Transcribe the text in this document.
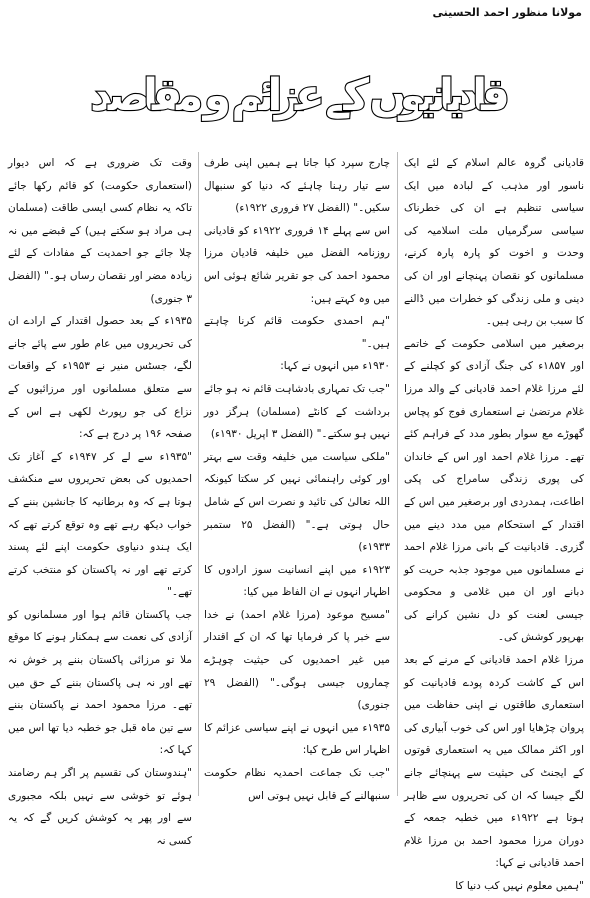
مولانا منظور احمد الحسینی
قادیانیوں کے عزائم و مقاصد

قادیانی گروہ عالم اسلام کے لئے ایک ناسور اور مذہب کے لبادہ میں ایک سیاسی تنظیم ہے ان کی خطرناک سیاسی سرگرمیاں ملت اسلامیہ کی وحدت و اخوت کو پارہ پارہ کرنے، مسلمانوں کو نقصان پہنچانے اور ان کی دینی و ملی زندگی کو خطرات میں ڈالنے کا سبب بن رہی ہیں۔

برصغیر میں اسلامی حکومت کے خاتمے اور ۱۸۵۷ء کی جنگ آزادی کو کچلنے کے لئے مرزا غلام احمد قادیانی کے والد مرزا غلام مرتضیٰ نے استعماری فوج کو پچاس گھوڑے مع سوار بطور مدد کے فراہم کئے تھے۔ مرزا غلام احمد اور اس کے خاندان کی پوری زندگی سامراج کی پکی اطاعت، ہمدردی اور برصغیر میں اس کے اقتدار کے استحکام میں مدد دینے میں گزری۔ قادیانیت کے بانی مرزا غلام احمد نے مسلمانوں میں موجود جذبہ حریت کو دبانے اور ان میں غلامی و محکومی جیسی لعنت کو دل نشین کرانے کی بھرپور کوشش کی۔

مرزا غلام احمد قادیانی کے مرنے کے بعد اس کے کاشت کردہ پودے قادیانیت کو استعماری طاقتوں نے اپنی حفاظت میں پروان چڑھایا اور اس کی خوب آبیاری کی اور اکثر ممالک میں یہ استعماری قوتوں کے ایجنٹ کی حیثیت سے پہنچائے جانے لگے جیسا کہ ان کی تحریروں سے ظاہر ہوتا ہے ۱۹۲۲ء میں خطبہ جمعہ کے دوران مرزا محمود احمد بن مرزا غلام احمد قادیانی نے کہا:

"ہمیں معلوم نہیں کب دنیا کا

چارج سپرد کیا جاتا ہے ہمیں اپنی طرف سے تیار رہنا چاہئے کہ دنیا کو سنبھال سکیں۔" (الفضل ۲۷ فروری ۱۹۲۲ء)

اس سے پہلے ۱۴ فروری ۱۹۲۲ء کو قادیانی روزنامہ الفضل میں خلیفہ قادیان مرزا محمود احمد کی جو تقریر شائع ہوئی اس میں وہ کہتے ہیں:

"ہم احمدی حکومت قائم کرنا چاہتے ہیں۔"

۱۹۳۰ء میں انہوں نے کہا:

"جب تک تمہاری بادشاہت قائم نہ ہو جائے برداشت کے کانٹے (مسلمان) ہرگز دور نہیں ہو سکتے۔" (الفضل ۳ اپریل ۱۹۳۰ء)

"ملکی سیاست میں خلیفہ وقت سے بہتر اور کوئی راہنمائی نہیں کر سکتا کیونکہ اللہ تعالیٰ کی تائید و نصرت اس کے شامل حال ہوتی ہے۔" (الفضل ۲۵ ستمبر ۱۹۳۳ء)

۱۹۲۳ء میں اپنے انسانیت سوز ارادوں کا اظہار انہوں نے ان الفاظ میں کیا:

"مسیح موعود (مرزا غلام احمد) نے خدا سے خبر پا کر فرمایا تھا کہ ان کے اقتدار میں غیر احمدیوں کی حیثیت چوہڑے چماروں جیسی ہوگی۔" (الفضل ۲۹ جنوری)

۱۹۳۵ء میں انہوں نے اپنے سیاسی عزائم کا اظہار اس طرح کیا:

"جب تک جماعت احمدیہ نظام حکومت سنبھالنے کے قابل نہیں ہوتی اس

وقت تک ضروری ہے کہ اس دیوار (استعماری حکومت) کو قائم رکھا جائے تاکہ یہ نظام کسی ایسی طاقت (مسلمان ہی مراد ہو سکتے ہیں) کے قبضے میں نہ چلا جائے جو احمدیت کے مفادات کے لئے زیادہ مضر اور نقصان رساں ہو۔" (الفضل ۳ جنوری)

۱۹۳۵ء کے بعد حصول اقتدار کے ارادے ان کی تحریروں میں عام طور سے پائے جانے لگے، جسٹس منیر نے ۱۹۵۳ء کے واقعات سے متعلق مسلمانوں اور مرزائیوں کے نزاع کی جو رپورٹ لکھی ہے اس کے صفحہ ۱۹۶ پر درج ہے کہ:

"۱۹۳۵ء سے لے کر ۱۹۴۷ء کے آغاز تک احمدیوں کی بعض تحریروں سے منکشف ہوتا ہے کہ وہ برطانیہ کا جانشین بننے کے خواب دیکھ رہے تھے وہ توقع کرتے تھے کہ ایک ہندو دنیاوی حکومت اپنے لئے پسند کرتے تھے اور نہ پاکستان کو منتخب کرتے تھے۔"

جب پاکستان قائم ہوا اور مسلمانوں کو آزادی کی نعمت سے ہمکنار ہونے کا موقع ملا تو مرزائی پاکستان بننے پر خوش نہ تھے اور نہ ہی پاکستان بننے کے حق میں تھے۔ مرزا محمود احمد نے پاکستان بننے سے تین ماہ قبل جو خطبہ دیا تھا اس میں کہا کہ:

"ہندوستان کی تقسیم پر اگر ہم رضامند ہوئے تو خوشی سے نہیں بلکہ مجبوری سے اور پھر یہ کوشش کریں گے کہ یہ کسی نہ
